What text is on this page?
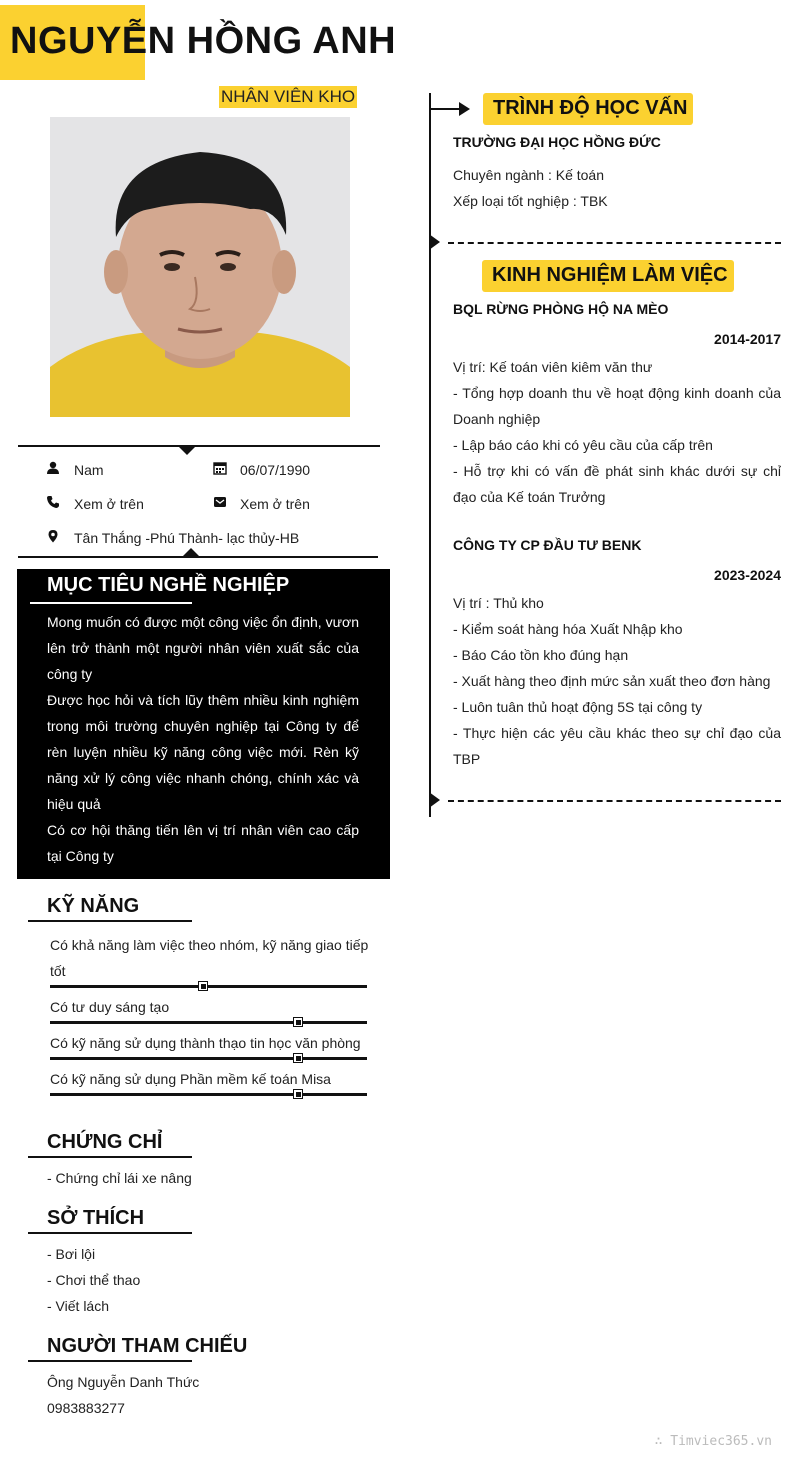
NGUYỄN HỒNG ANH
NHÂN VIÊN KHO
Nam	06/07/1990
Xem ở trên	Xem ở trên
Tân Thắng -Phú Thành- lạc thủy-HB
MỤC TIÊU NGHỀ NGHIỆP

Mong muốn có được một công việc ổn định, vươn lên trở thành một người nhân viên xuất sắc của công ty

Được học hỏi và tích lũy thêm nhiều kinh nghiệm trong môi trường chuyên nghiệp tại Công ty để rèn luyện nhiều kỹ năng công việc mới. Rèn kỹ năng xử lý công việc nhanh chóng, chính xác và hiệu quả

Có cơ hội thăng tiến lên vị trí nhân viên cao cấp tại Công ty

KỸ NĂNG
Có khả năng làm việc theo nhóm, kỹ năng giao tiếp tốt
Có tư duy sáng tạo
Có kỹ năng sử dụng thành thạo tin học văn phòng
Có kỹ năng sử dụng Phần mềm kế toán Misa
CHỨNG CHỈ

- Chứng chỉ lái xe nâng

SỞ THÍCH

- Bơi lội

- Chơi thể thao

- Viết lách

NGƯỜI THAM CHIẾU

Ông Nguyễn Danh Thức

0983883277

TRÌNH ĐỘ HỌC VẤN
TRƯỜNG ĐẠI HỌC HỒNG ĐỨC

Chuyên ngành : Kế toán

Xếp loại tốt nghiệp : TBK

KINH NGHIỆM LÀM VIỆC
BQL RỪNG PHÒNG HỘ NA MÈO
2014-2017

Vị trí: Kế toán viên kiêm văn thư

- Tổng hợp doanh thu về hoạt động kinh doanh của Doanh nghiệp

- Lập báo cáo khi có yêu cầu của cấp trên

- Hỗ trợ khi có vấn đề phát sinh khác dưới sự chỉ đạo của Kế toán Trưởng

CÔNG TY CP ĐẦU TƯ BENK
2023-2024

Vị trí : Thủ kho

- Kiểm soát hàng hóa Xuất Nhập kho

- Báo Cáo tồn kho đúng hạn

- Xuất hàng theo định mức sản xuất theo đơn hàng

- Luôn tuân thủ hoạt động 5S tại công ty

- Thực hiện các yêu cầu khác theo sự chỉ đạo của TBP

∴ Timviec365.vn
